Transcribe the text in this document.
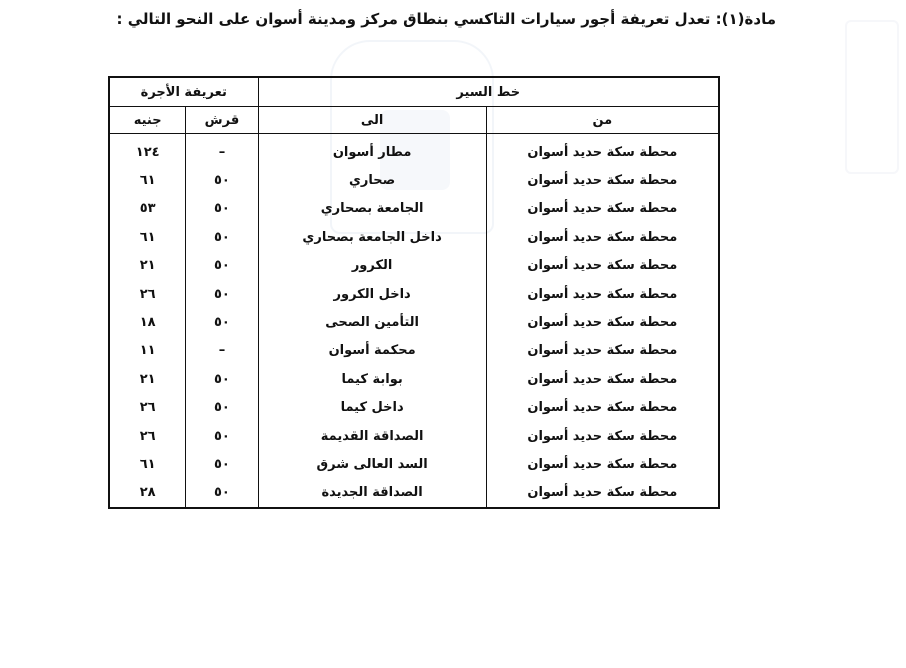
مادة(١): تعدل تعريفة أجور سيارات التاكسي بنطاق مركز ومدينة أسوان على النحو التالي :
خط السير		تعريفة الأجرة	
من	الى	قرش	جنيه
محطة سكة حديد أسوان	مطار أسوان	–	١٢٤
محطة سكة حديد أسوان	صحاري	٥٠	٦١
محطة سكة حديد أسوان	الجامعة بصحاري	٥٠	٥٣
محطة سكة حديد أسوان	داخل الجامعة بصحاري	٥٠	٦١
محطة سكة حديد أسوان	الكرور	٥٠	٢١
محطة سكة حديد أسوان	داخل الكرور	٥٠	٢٦
محطة سكة حديد أسوان	التأمين الصحى	٥٠	١٨
محطة سكة حديد أسوان	محكمة أسوان	–	١١
محطة سكة حديد أسوان	بوابة كيما	٥٠	٢١
محطة سكة حديد أسوان	داخل كيما	٥٠	٢٦
محطة سكة حديد أسوان	الصداقة القديمة	٥٠	٢٦
محطة سكة حديد أسوان	السد العالى شرق	٥٠	٦١
محطة سكة حديد أسوان	الصداقة الجديدة	٥٠	٢٨
